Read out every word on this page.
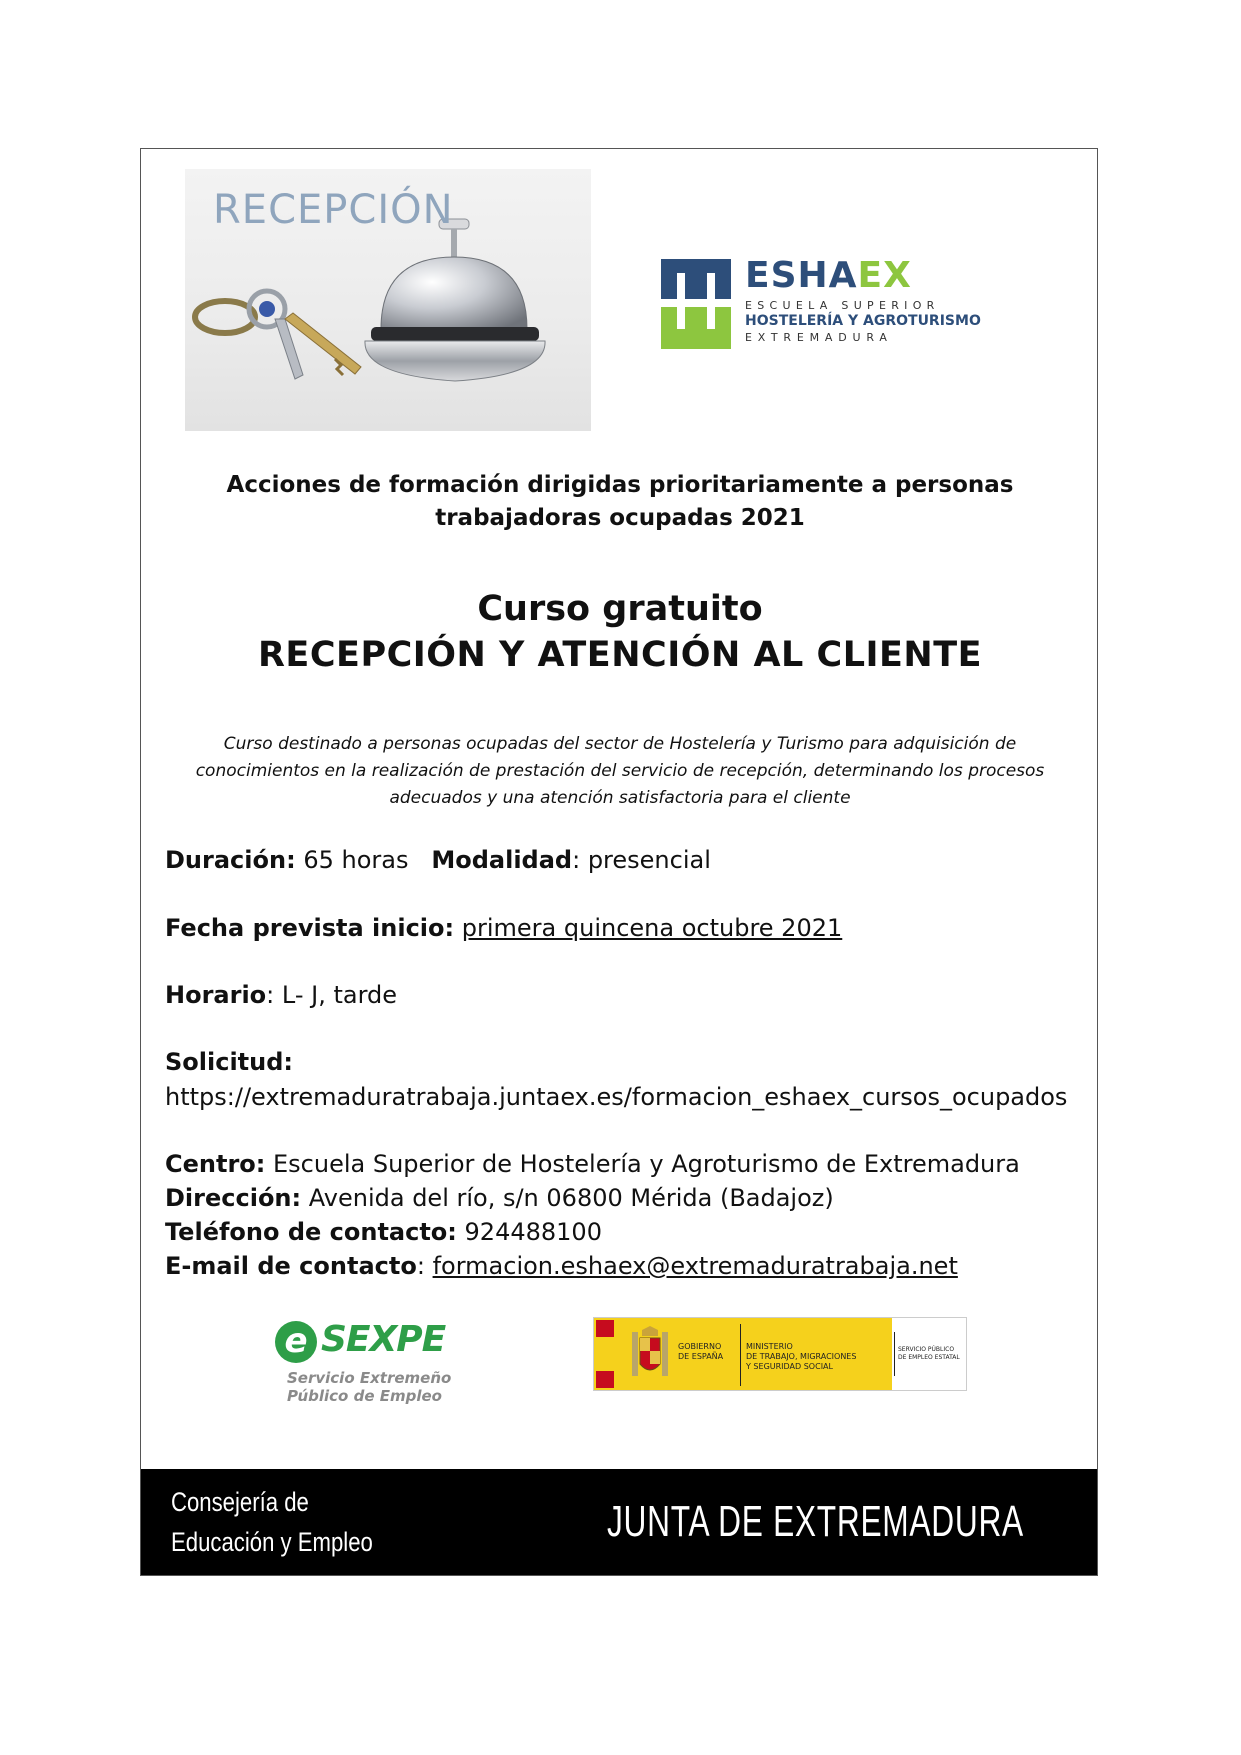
RECEPCIÓN
ESHAEX
ESCUELA SUPERIOR
HOSTELERÍA Y AGROTURISMO
EXTREMADURA
Acciones de formación dirigidas prioritariamente a personas
trabajadoras ocupadas 2021
Curso gratuito
RECEPCIÓN Y ATENCIÓN AL CLIENTE
Curso destinado a personas ocupadas del sector de Hostelería y Turismo para adquisición de
conocimientos en la realización de prestación del servicio de recepción, determinando los procesos
adecuados y una atención satisfactoria para el cliente
Duración: 65 horas Modalidad: presencial
Fecha prevista inicio: primera quincena octubre 2021
Horario: L- J, tarde
Solicitud:
https://extremaduratrabaja.juntaex.es/formacion_eshaex_cursos_ocupados
Centro: Escuela Superior de Hostelería y Agroturismo de Extremadura
Dirección: Avenida del río, s/n 06800 Mérida (Badajoz)
Teléfono de contacto: 924488100
E-mail de contacto: formacion.eshaex@extremaduratrabaja.net
e SEXPE
Servicio Extremeño
Público de Empleo
GOBIERNO
DE ESPAÑA
MINISTERIO
DE TRABAJO, MIGRACIONES
Y SEGURIDAD SOCIAL
SERVICIO PÚBLICO
DE EMPLEO ESTATAL
Consejería de
Educación y Empleo	JUNTA DE EXTREMADURA
